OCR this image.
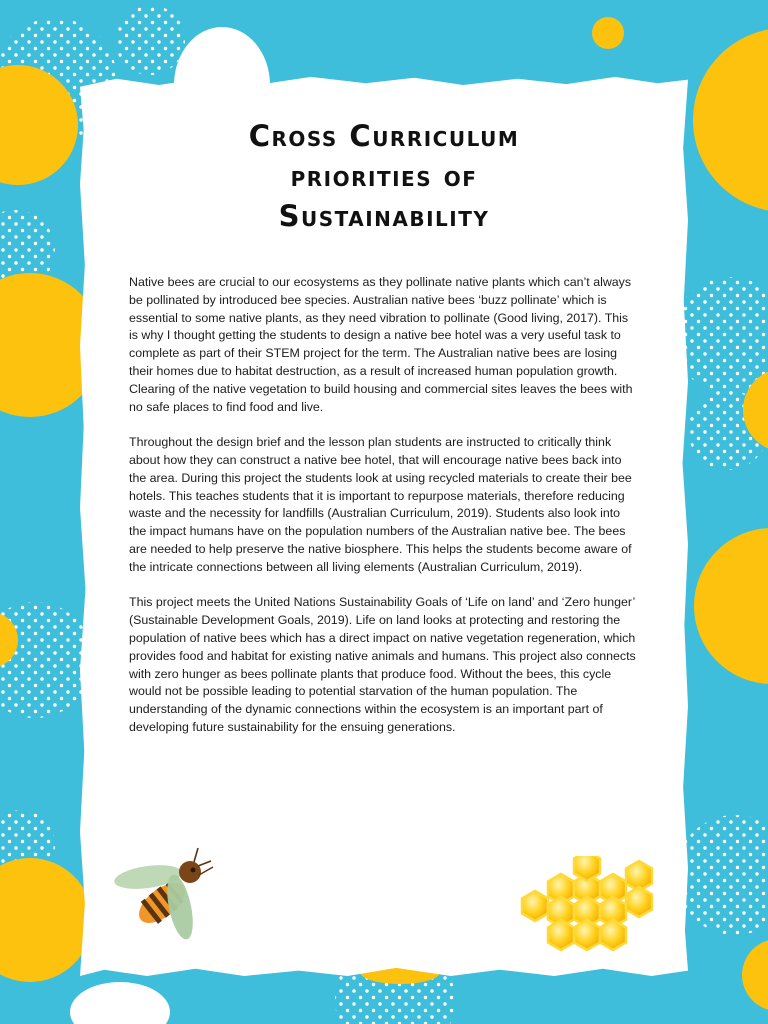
Cross Curriculum
priorities of
Sustainability

Native bees are crucial to our ecosystems as they pollinate native plants which can’t always be pollinated by introduced bee species. Australian native bees ‘buzz pollinate’ which is essential to some native plants, as they need vibration to pollinate (Good living, 2017). This is why I thought getting the students to design a native bee hotel was a very useful task to complete as part of their STEM project for the term. The Australian native bees are losing their homes due to habitat destruction, as a result of increased human population growth. Clearing of the native vegetation to build housing and commercial sites leaves the bees with no safe places to find food and live.

Throughout the design brief and the lesson plan students are instructed to critically think about how they can construct a native bee hotel, that will encourage native bees back into the area. During this project the students look at using recycled materials to create their bee hotels. This teaches students that it is important to repurpose materials, therefore reducing waste and the necessity for landfills (Australian Curriculum, 2019). Students also look into the impact humans have on the population numbers of the Australian native bee. The bees are needed to help preserve the native biosphere. This helps the students become aware of the intricate connections between all living elements (Australian Curriculum, 2019).

This project meets the United Nations Sustainability Goals of ‘Life on land’ and ‘Zero hunger’ (Sustainable Development Goals, 2019). Life on land looks at protecting and restoring the population of native bees which has a direct impact on native vegetation regeneration, which provides food and habitat for existing native animals and humans. This project also connects with zero hunger as bees pollinate plants that produce food. Without the bees, this cycle would not be possible leading to potential starvation of the human population. The understanding of the dynamic connections within the ecosystem is an important part of developing future sustainability for the ensuing generations.
